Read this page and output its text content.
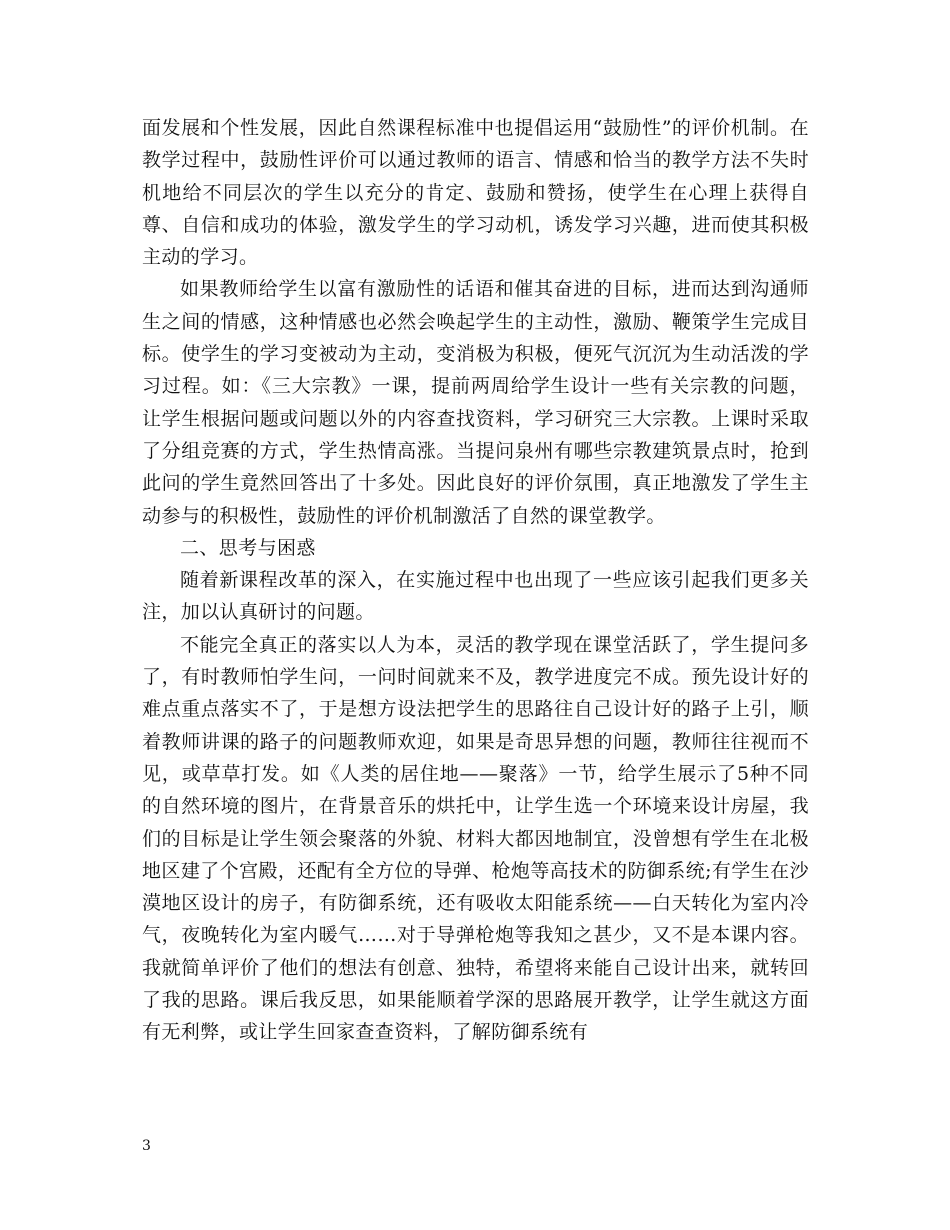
面发展和个性发展，因此自然课程标准中也提倡运用“鼓励性”的评价机制。在教学过程中，鼓励性评价可以通过教师的语言、情感和恰当的教学方法不失时机地给不同层次的学生以充分的肯定、鼓励和赞扬，使学生在心理上获得自尊、自信和成功的体验，激发学生的学习动机，诱发学习兴趣，进而使其积极主动的学习。

如果教师给学生以富有激励性的话语和催其奋进的目标，进而达到沟通师生之间的情感，这种情感也必然会唤起学生的主动性，激励、鞭策学生完成目标。使学生的学习变被动为主动，变消极为积极，便死气沉沉为生动活泼的学习过程。如：《三大宗教》一课，提前两周给学生设计一些有关宗教的问题，让学生根据问题或问题以外的内容查找资料，学习研究三大宗教。上课时采取了分组竞赛的方式，学生热情高涨。当提问泉州有哪些宗教建筑景点时，抢到此问的学生竟然回答出了十多处。因此良好的评价氛围，真正地激发了学生主动参与的积极性，鼓励性的评价机制激活了自然的课堂教学。

二、思考与困惑

随着新课程改革的深入，在实施过程中也出现了一些应该引起我们更多关注，加以认真研讨的问题。

不能完全真正的落实以人为本，灵活的教学现在课堂活跃了，学生提问多了，有时教师怕学生问，一问时间就来不及，教学进度完不成。预先设计好的难点重点落实不了，于是想方设法把学生的思路往自己设计好的路子上引，顺着教师讲课的路子的问题教师欢迎，如果是奇思异想的问题，教师往往视而不见，或草草打发。如《人类的居住地——聚落》一节，给学生展示了5种不同的自然环境的图片，在背景音乐的烘托中，让学生选一个环境来设计房屋，我们的目标是让学生领会聚落的外貌、材料大都因地制宜，没曾想有学生在北极地区建了个宫殿，还配有全方位的导弹、枪炮等高技术的防御系统;有学生在沙漠地区设计的房子，有防御系统，还有吸收太阳能系统——白天转化为室内冷气，夜晚转化为室内暖气……对于导弹枪炮等我知之甚少，又不是本课内容。我就简单评价了他们的想法有创意、独特，希望将来能自己设计出来，就转回了我的思路。课后我反思，如果能顺着学深的思路展开教学，让学生就这方面有无利弊，或让学生回家查查资料，了解防御系统有

3
